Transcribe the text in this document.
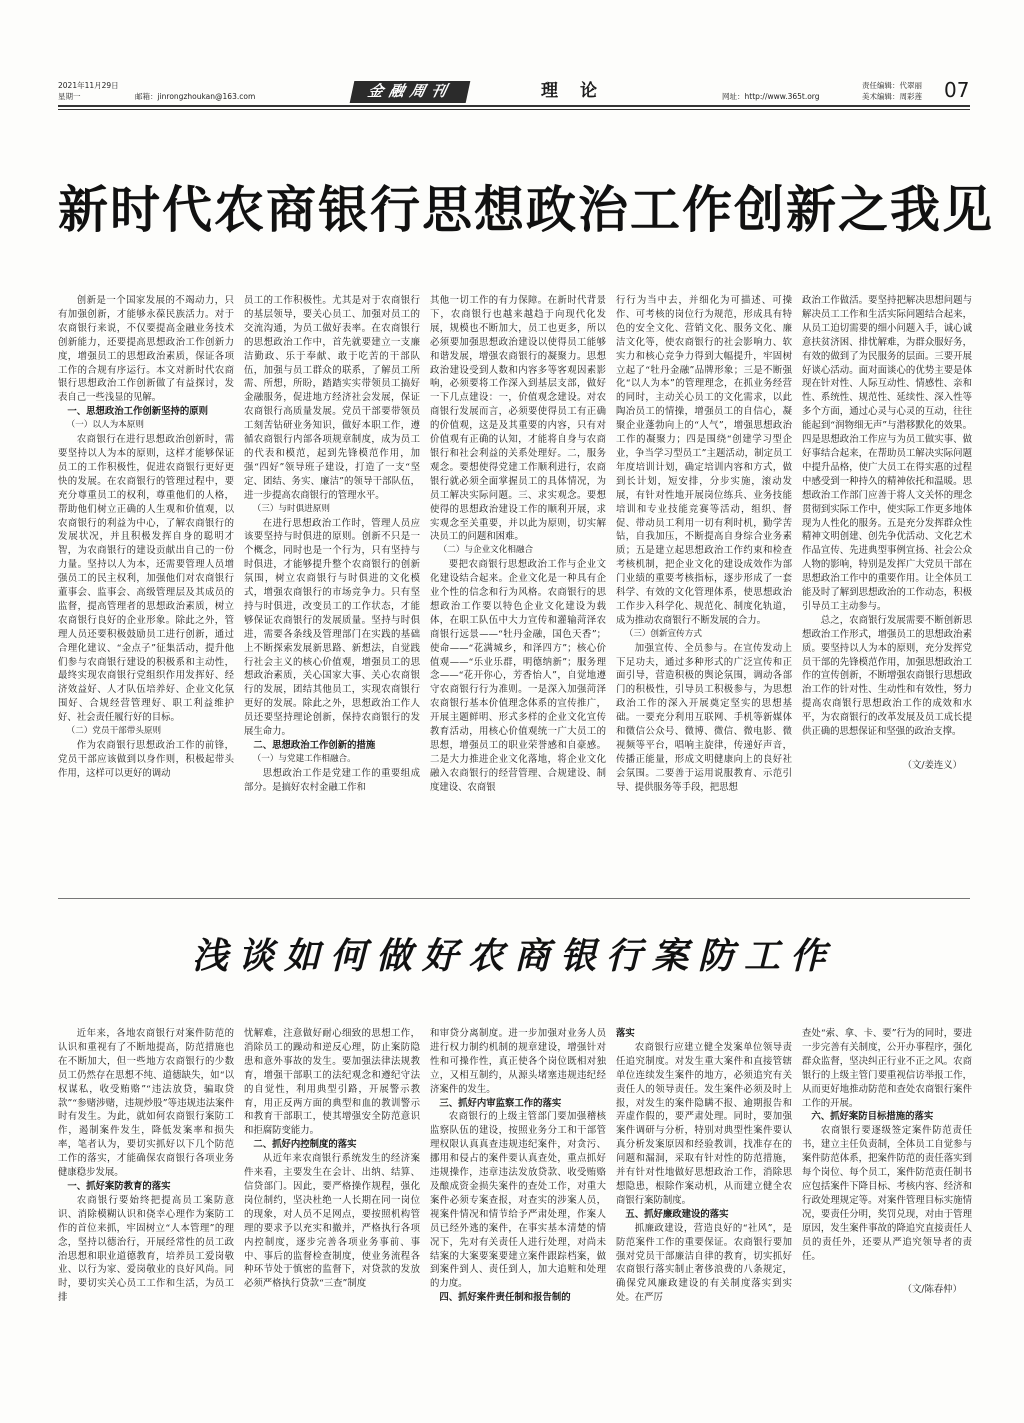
2021年11月29日
星期一	邮箱：jinrongzhoukan@163.com	金融周刊	理论	网址：http://www.365t.org
责任编辑：代翠丽
美术编辑：周彩莲 07
新时代农商银行思想政治工作创新之我见

创新是一个国家发展的不竭动力，只有加强创新，才能够永葆民族活力。对于农商银行来说，不仅要提高金融业务技术创新能力，还要提高思想政治工作创新力度，增强员工的思想政治素质，保证各项工作的合规有序运行。本文对新时代农商银行思想政治工作创新做了有益探讨，发表自己一些浅显的见解。

一、思想政治工作创新坚持的原则

（一）以人为本原则

农商银行在进行思想政治创新时，需要坚持以人为本的原则，这样才能够保证员工的工作积极性，促进农商银行更好更快的发展。在农商银行的管理过程中，要充分尊重员工的权利，尊重他们的人格，帮助他们树立正确的人生观和价值观，以农商银行的利益为中心，了解农商银行的发展状况，并且积极发挥自身的聪明才智，为农商银行的建设贡献出自己的一份力量。坚持以人为本，还需要管理人员增强员工的民主权利，加强他们对农商银行董事会、监事会、高级管理层及其成员的监督，提高管理者的思想政治素质，树立农商银行良好的企业形象。除此之外，管理人员还要积极鼓励员工进行创新，通过合理化建议、“金点子”征集活动，提升他们参与农商银行建设的积极系和主动性，最终实现农商银行党组织作用发挥好、经济效益好、人才队伍培养好、企业文化氛围好、合规经营管理好、职工利益维护好、社会责任履行好的目标。

（二）党员干部带头原则

作为农商银行思想政治工作的前锋，党员干部应该做到以身作则，积极起带头作用，这样可以更好的调动

员工的工作积极性。尤其是对于农商银行的基层领导，要关心员工、加强对员工的交流沟通，为员工做好表率。在农商银行的思想政治工作中，首先就要建立一支廉洁勤政、乐于奉献、敢于吃苦的干部队伍，加强与员工群众的联系，了解员工所需、所想，所盼，踏踏实实带领员工搞好金融服务，促进地方经济社会发展，保证农商银行高质量发展。党员干部要带领员工刻苦钻研业务知识，做好本职工作，遵循农商银行内部各项规章制度，成为员工的代表和模范，起到先锋模范作用，加强“四好”领导班子建设，打造了一支“坚定、团结、务实、廉洁”的领导干部队伍，进一步提高农商银行的管理水平。

（三）与时俱进原则

在进行思想政治工作时，管理人员应该要坚持与时俱进的原则。创新不只是一个概念，同时也是一个行为，只有坚持与时俱进，才能够提升整个农商银行的创新氛围，树立农商银行与时俱进的文化模式，增强农商银行的市场竞争力。只有坚持与时俱进，改变员工的工作状态，才能够保证农商银行的发展质量。坚持与时俱进，需要各条线及管理部门在实践的基础上不断探索发展新思路、新想法，自觉践行社会主义的核心价值观，增强员工的思想政治素质，关心国家大事、关心农商银行的发展，团结其他员工，实现农商银行更好的发展。除此之外，思想政治工作人员还要坚持理论创新，保持农商银行的发展生命力。

二、思想政治工作创新的措施

（一）与党建工作相融合。

思想政治工作是党建工作的重要组成部分。是搞好农村金融工作和

其他一切工作的有力保障。在新时代背景下，农商银行也越来越趋于向现代化发展，规模也不断加大，员工也更多，所以必须要加强思想政治建设以使得员工能够和谐发展，增强农商银行的凝聚力。思想政治建设受到人数和内容多等客观因素影响，必须要将工作深入到基层支部，做好一下几点建设：一，价值观念建设。对农商银行发展而言，必须要使得员工有正确的价值观，这是及其重要的内容，只有对价值观有正确的认知，才能将自身与农商银行和社会利益的关系处理好。二，服务观念。要想使得党建工作顺利进行，农商银行就必须全面掌握员工的具体情况，为员工解决实际问题。三、求实观念。要想使得的思想政治建设工作的顺利开展，求实观念至关重要，并以此为原则，切实解决员工的问题和困难。

（二）与企业文化相融合

要把农商银行思想政治工作与企业文化建设结合起来。企业文化是一种具有企业个性的信念和行为风格。农商银行的思想政治工作要以特色企业文化建设为载体，在职工队伍中大力宣传和灌输菏泽农商银行远景——“牡丹金融，国色天香”；使命——“花满城乡，和泽四方”；核心价值观——“乐业乐群，明德纳新”；服务理念——“花开你心，芳香怡人”，自觉地遵守农商银行行为准则。一是深入加强菏泽农商银行基本价值理念体系的宣传推广，开展主题鲜明、形式多样的企业文化宣传教育活动，用核心价值观统一广大员工的思想，增强员工的职业荣誉感和自豪感。二是大力推进企业文化落地，将企业文化融入农商银行的经营管理、合规建设、制度建设、农商银

行行为当中去，并细化为可描述、可操作、可考核的岗位行为规范，形成具有特色的安全文化、营销文化、服务文化、廉洁文化等，使农商银行的社会影响力、软实力和核心竞争力得到大幅提升，牢固树立起了“牡丹金融”品牌形象；三是不断强化“以人为本”的管理理念，在抓业务经营的同时，主动关心员工的文化需求，以此陶冶员工的情操，增强员工的自信心，凝聚企业蓬勃向上的“人气”，增强思想政治工作的凝聚力；四是围绕“创建学习型企业，争当学习型员工”主题活动，制定员工年度培训计划，确定培训内容和方式，做到长计划，短安排，分步实施，滚动发展，有针对性地开展岗位练兵、业务技能培训和专业技能竞赛等活动，组织、督促、带动员工利用一切有利时机，勤学苦钻，自我加压，不断提高自身综合业务素质；五是建立起思想政治工作约束和检查考核机制，把企业文化的建设成效作为部门业绩的重要考核指标，逐步形成了一套科学、有效的文化管理体系，使思想政治工作步入科学化、规范化、制度化轨道，成为推动农商银行不断发展的合力。

（三）创新宣传方式

加强宣传、全员参与。在宣传发动上下足功夫，通过多种形式的广泛宣传和正面引导，营造积极的舆论氛围，调动各部门的积极性，引导员工积极参与，为思想政治工作的深入开展奠定坚实的思想基础。一要充分利用互联网、手机等新媒体和微信公众号、微博、微信、微电影、微视频等平台，唱响主旋律，传递好声音，传播正能量，形成文明健康向上的良好社会氛围。二要善于运用说服教育、示范引导、提供服务等手段，把思想

政治工作做活。要坚持把解决思想问题与解决员工工作和生活实际问题结合起来，从员工迫切需要的细小问题入手，诚心诚意扶贫济困、排忧解难，为群众服好务，有效的做到了为民服务的层面。三要开展好谈心活动。面对面谈心的优势主要是体现在针对性、人际互动性、情感性、亲和性、系统性、规范性、延续性、深入性等多个方面，通过心灵与心灵的互动，往往能起到“润物细无声”与潜移默化的效果。四是思想政治工作应与为员工做实事、做好事结合起来，在帮助员工解决实际问题中提升品格，使广大员工在得实惠的过程中感受到一种持久的精神依托和温暖。思想政治工作部门应善于将人文关怀的理念贯彻到实际工作中，使实际工作更多地体现为人性化的服务。五是充分发挥群众性精神文明创建、创先争优活动、文化艺术作品宣传、先进典型事例宣扬、社会公众人物的影响，特别是发挥广大党员干部在思想政治工作中的重要作用。让全体员工能及时了解到思想政治的工作动态，积极引导员工主动参与。

总之，农商银行发展需要不断创新思想政治工作形式，增强员工的思想政治素质。要坚持以人为本的原则，充分发挥党员干部的先锋模范作用，加强思想政治工作的宣传创新，不断增强农商银行思想政治工作的针对性、生动性和有效性，努力提高农商银行思想政治工作的成效和水平，为农商银行的改革发展及员工成长提供正确的思想保证和坚强的政治支撑。

（文/姜连义）

浅谈如何做好农商银行案防工作

近年来，各地农商银行对案件防范的认识和重视有了不断地提高，防范措施也在不断加大，但一些地方农商银行的少数员工仍然存在思想不纯、道德缺失，如“以权谋私，收受贿赂”“违法放贷，骗取贷款”“参赌涉赌，违规炒股”等违规违法案件时有发生。为此，就如何农商银行案防工作，遏制案件发生，降低发案率和损失率，笔者认为，要切实抓好以下几个防范工作的落实，才能确保农商银行各项业务健康稳步发展。

一、抓好案防教育的落实

农商银行要始终把提高员工案防意识、消除模糊认识和侥幸心理作为案防工作的首位来抓，牢固树立“人本管理”的理念，坚持以德治行，开展经常性的员工政治思想和职业道德教育，培养员工爱岗敬业、以行为家、爱岗敬业的良好风尚。同时，要切实关心员工工作和生活，为员工排

忧解难，注意做好耐心细致的思想工作，消除员工的躁动和逆反心理，防止案防隐患和意外事故的发生。要加强法律法规教育，增强干部职工的法纪观念和遵纪守法的自觉性，利用典型引路，开展警示教育，用正反两方面的典型和血的教训警示和教育干部职工，使其增强安全防范意识和拒腐防变能力。

二、抓好内控制度的落实

从近年来农商银行系统发生的经济案件来看，主要发生在会计、出纳、结算、信贷部门。因此，要严格操作规程，强化岗位制约，坚决杜绝一人长期在同一岗位的现象，对人员不足网点，要按照机构管理的要求予以充实和撤并，严格执行各项内控制度，逐步完善各项业务事前、事中、事后的监督检查制度，使业务流程各种环节处于慎密的监督下，对贷款的发放必须严格执行贷款“三查”制度

和审贷分离制度。进一步加强对业务人员进行权力制约机制的规章建设，增强针对性和可操作性，真正使各个岗位既相对独立，又相互制约，从源头堵塞违规违纪经济案件的发生。

三、抓好内审监察工作的落实

农商银行的上级主管部门要加强稽核监察队伍的建设，按照业务分工和干部管理权限认真真查违规违纪案件，对贪污、挪用和侵占的案件要认真查处，重点抓好违规操作，违章违法发放贷款、收受贿赂及酿成资金损失案件的查处工作，对重大案件必须专案查报，对查实的涉案人员，视案件情况和情节给予严肃处理，作案人员已经外逃的案件，在事实基本清楚的情况下，先对有关责任人进行处理，对尚未结案的大案要案要建立案件跟踪档案，做到案件到人、责任到人，加大追赃和处理的力度。

四、抓好案件责任制和报告制的

落实

农商银行应建立健全发案单位领导责任追究制度。对发生重大案件和直接管辖单位连续发生案件的地方，必须追究有关责任人的领导责任。发生案件必须及时上报，对发生的案件隐瞒不报、逾期报告和弄虚作假的，要严肃处理。同时，要加强案件调研与分析，特别对典型性案件要认真分析发案原因和经验教训，找准存在的问题和漏洞，采取有针对性的防范措施，并有针对性地做好思想政治工作，消除思想隐患，根除作案动机，从而建立健全农商银行案防制度。

五、抓好廉政建设的落实

抓廉政建设，营造良好的“社风”，是防范案件工作的重要保证。农商银行要加强对党员干部廉洁自律的教育，切实抓好农商银行落实制止奢侈浪费的八条规定，确保党风廉政建设的有关制度落实到实处。在严厉

查处“索、拿、卡、要”行为的同时，要进一步完善有关制度，公开办事程序，强化群众监督，坚决纠正行业不正之风。农商银行的上级主管门要重视信访举报工作，从而更好地推动防范和查处农商银行案件工作的开展。

六、抓好案防目标措施的落实

农商银行要逐级签定案件防范责任书，建立主任负责制，全体员工自觉参与案件防范体系，把案件防范的责任落实到每个岗位、每个员工，案件防范责任制书应包括案件下降目标、考核内容、经济和行政处理规定等。对案件管理目标实施情况，要责任分明，奖罚兑现，对由于管理原因，发生案件事故的降追究直接责任人员的责任外，还要从严追究领导者的责任。

（文/陈春仲）
